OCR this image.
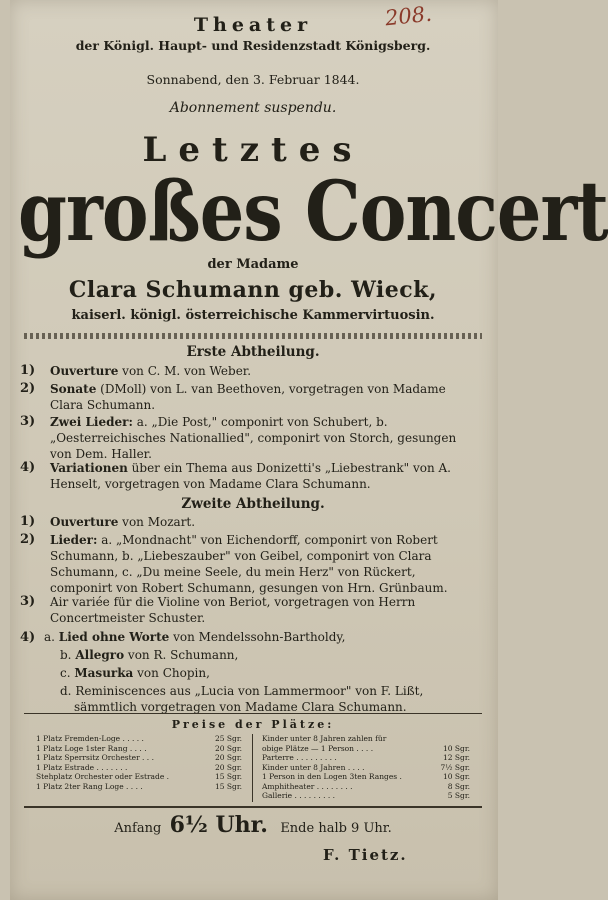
208.
Theater
der Königl. Haupt- und Residenzstadt Königsberg.
Sonnabend, den 3. Februar 1844.
Abonnement suspendu.
Letztes
großes Concert
der Madame
Clara Schumann geb. Wieck,
kaiserl. königl. österreichische Kammervirtuosin.
Erste Abtheilung.
1) Ouverture von C. M. von Weber.
2) Sonate (DMoll) von L. van Beethoven, vorgetragen von Madame Clara Schumann.
3) Zwei Lieder: a. „Die Post," componirt von Schubert, b. „Oesterreichisches Nationallied", componirt von Storch, gesungen von Dem. Haller.
4) Variationen über ein Thema aus Donizetti's „Liebestrank" von A. Henselt, vorgetragen von Madame Clara Schumann.
Zweite Abtheilung.
1) Ouverture von Mozart.
2) Lieder: a. „Mondnacht" von Eichendorff, componirt von Robert Schumann, b. „Liebeszauber" von Geibel, componirt von Clara Schumann, c. „Du meine Seele, du mein Herz" von Rückert, componirt von Robert Schumann, gesungen von Hrn. Grünbaum.
3) Air variée für die Violine von Beriot, vorgetragen von Herrn Concertmeister Schuster.
4) a. Lied ohne Worte von Mendelssohn-Bartholdy,
b. Allegro von R. Schumann,
c. Masurka von Chopin,
d. Reminiscences aus „Lucia von Lammermoor" von F. Lißt,
sämmtlich vorgetragen von Madame Clara Schumann.
Preise der Plätze:
1 Platz Fremden-Loge . . . . .	25 Sgr.
1 Platz Loge 1ster Rang . . . .	20 Sgr.
1 Platz Sperrsitz Orchester . . .	20 Sgr.
1 Platz Estrade . . . . . . .	20 Sgr.
Stehplatz Orchester oder Estrade .	15 Sgr.
1 Platz 2ter Rang Loge . . . .	15 Sgr.
Kinder unter 8 Jahren zahlen für
obige Plätze — 1 Person . . . .	10 Sgr.
Parterre . . . . . . . . .	12 Sgr.
Kinder unter 8 Jahren . . . .	7½ Sgr.
1 Person in den Logen 3ten Ranges .	10 Sgr.
Amphitheater . . . . . . . .	8 Sgr.
Gallerie . . . . . . . . .	5 Sgr.
Anfang 6½ Uhr. Ende halb 9 Uhr.
F. Tietz.
